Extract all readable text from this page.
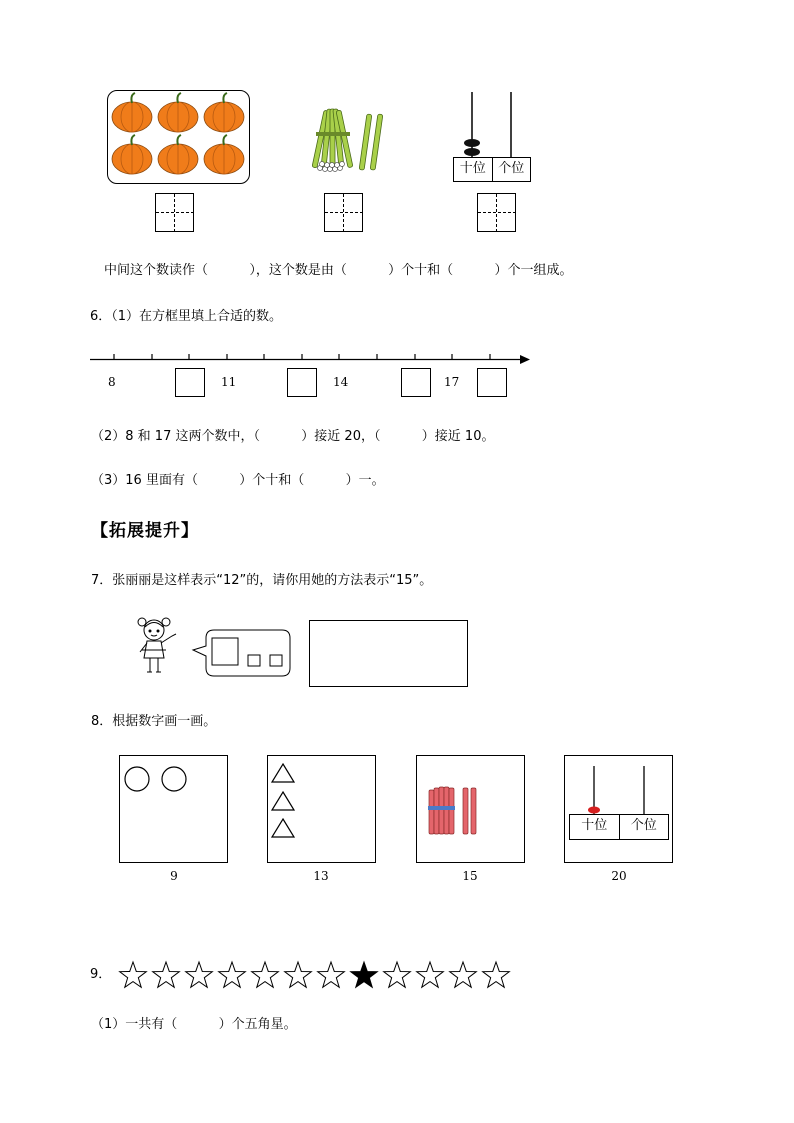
十位 个位
中间这个数读作（          ），这个数是由（          ）个十和（          ）个一组成。
6．（1）在方框里填上合适的数。
8	11	14	17
（2）8 和 17 这两个数中，（          ）接近 20，（          ）接近 10。
（3）16 里面有（          ）个十和（          ）一。
【拓展提升】
7．张丽丽是这样表示“12”的，请你用她的方法表示“15”。
8．根据数字画一画。
9	13	15
十位	个位
20
9．
（1）一共有（          ）个五角星。
